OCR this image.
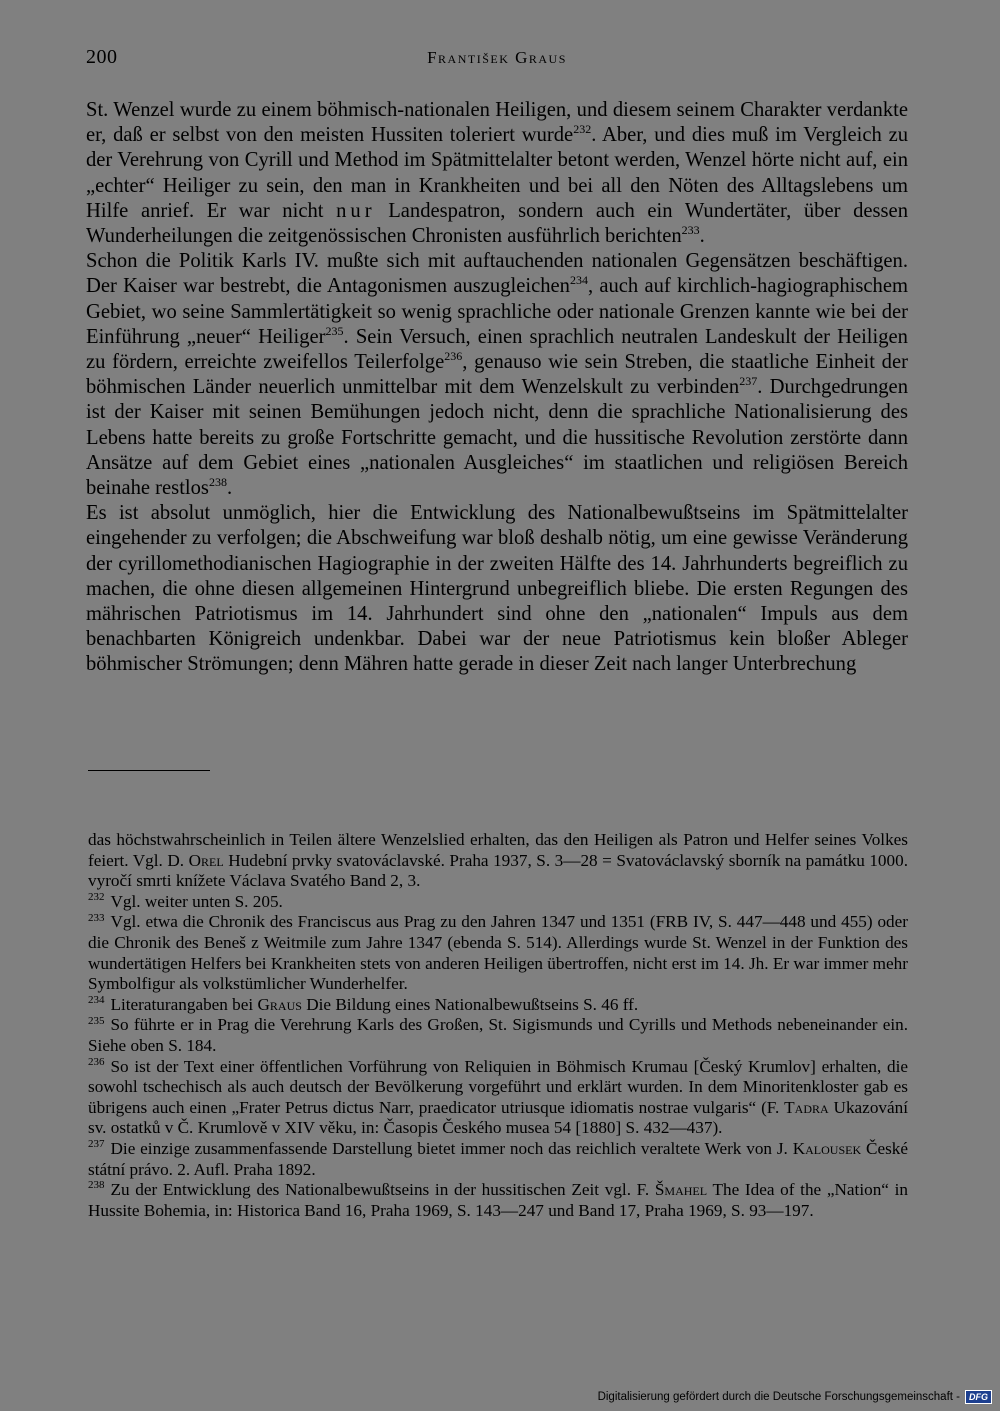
200	František Graus

St. Wenzel wurde zu einem böhmisch-nationalen Heiligen, und diesem seinem Charakter verdankte er, daß er selbst von den meisten Hussiten toleriert wurde$^{232}$. Aber, und dies muß im Vergleich zu der Verehrung von Cyrill und Method im Spätmittelalter betont werden, Wenzel hörte nicht auf, ein „echter“ Heiliger zu sein, den man in Krankheiten und bei all den Nöten des Alltagslebens um Hilfe anrief. Er war nicht nur Landespatron, sondern auch ein Wundertäter, über dessen Wunderheilungen die zeitgenössischen Chronisten ausführlich berichten$^{233}$.

Schon die Politik Karls IV. mußte sich mit auftauchenden nationalen Gegensätzen beschäftigen. Der Kaiser war bestrebt, die Antagonismen auszugleichen$^{234}$, auch auf kirchlich-hagiographischem Gebiet, wo seine Sammlertätigkeit so wenig sprachliche oder nationale Grenzen kannte wie bei der Einführung „neuer“ Heiliger$^{235}$. Sein Versuch, einen sprachlich neutralen Landeskult der Heiligen zu fördern, erreichte zweifellos Teilerfolge$^{236}$, genauso wie sein Streben, die staatliche Einheit der böhmischen Länder neuerlich unmittelbar mit dem Wenzelskult zu verbinden$^{237}$. Durchgedrungen ist der Kaiser mit seinen Bemühungen jedoch nicht, denn die sprachliche Nationalisierung des Lebens hatte bereits zu große Fortschritte gemacht, und die hussitische Revolution zerstörte dann Ansätze auf dem Gebiet eines „nationalen Ausgleiches“ im staatlichen und religiösen Bereich beinahe restlos$^{238}$.

Es ist absolut unmöglich, hier die Entwicklung des Nationalbewußtseins im Spätmittelalter eingehender zu verfolgen; die Abschweifung war bloß deshalb nötig, um eine gewisse Veränderung der cyrillomethodianischen Hagiographie in der zweiten Hälfte des 14. Jahrhunderts begreiflich zu machen, die ohne diesen allgemeinen Hintergrund unbegreiflich bliebe. Die ersten Regungen des mährischen Patriotismus im 14. Jahrhundert sind ohne den „nationalen“ Impuls aus dem benachbarten Königreich undenkbar. Dabei war der neue Patriotismus kein bloßer Ableger böhmischer Strömungen; denn Mähren hatte gerade in dieser Zeit nach langer Unterbrechung

das höchstwahrscheinlich in Teilen ältere Wenzelslied erhalten, das den Heiligen als Patron und Helfer seines Volkes feiert. Vgl. D. Orel Hudební prvky svatováclavské. Praha 1937, S. 3—28 = Svatováclavský sborník na památku 1000. vyročí smrti knížete Václava Svatého Band 2, 3.

$^{232}$ Vgl. weiter unten S. 205.

$^{233}$ Vgl. etwa die Chronik des Franciscus aus Prag zu den Jahren 1347 und 1351 (FRB IV, S. 447—448 und 455) oder die Chronik des Beneš z Weitmile zum Jahre 1347 (ebenda S. 514). Allerdings wurde St. Wenzel in der Funktion des wundertätigen Helfers bei Krankheiten stets von anderen Heiligen übertroffen, nicht erst im 14. Jh. Er war immer mehr Symbolfigur als volkstümlicher Wunderhelfer.

$^{234}$ Literaturangaben bei Graus Die Bildung eines Nationalbewußtseins S. 46 ff.

$^{235}$ So führte er in Prag die Verehrung Karls des Großen, St. Sigismunds und Cyrills und Methods nebeneinander ein. Siehe oben S. 184.

$^{236}$ So ist der Text einer öffentlichen Vorführung von Reliquien in Böhmisch Krumau [Český Krumlov] erhalten, die sowohl tschechisch als auch deutsch der Bevölkerung vorgeführt und erklärt wurden. In dem Minoritenkloster gab es übrigens auch einen „Frater Petrus dictus Narr, praedicator utriusque idiomatis nostrae vulgaris“ (F. Tadra Ukazování sv. ostatků v Č. Krumlově v XIV věku, in: Časopis Českého musea 54 [1880] S. 432—437).

$^{237}$ Die einzige zusammenfassende Darstellung bietet immer noch das reichlich veraltete Werk von J. Kalousek České státní právo. 2. Aufl. Praha 1892.

$^{238}$ Zu der Entwicklung des Nationalbewußtseins in der hussitischen Zeit vgl. F. Šmahel The Idea of the „Nation“ in Hussite Bohemia, in: Historica Band 16, Praha 1969, S. 143—247 und Band 17, Praha 1969, S. 93—197.

Digitalisierung gefördert durch die Deutsche Forschungsgemeinschaft -	DFG
